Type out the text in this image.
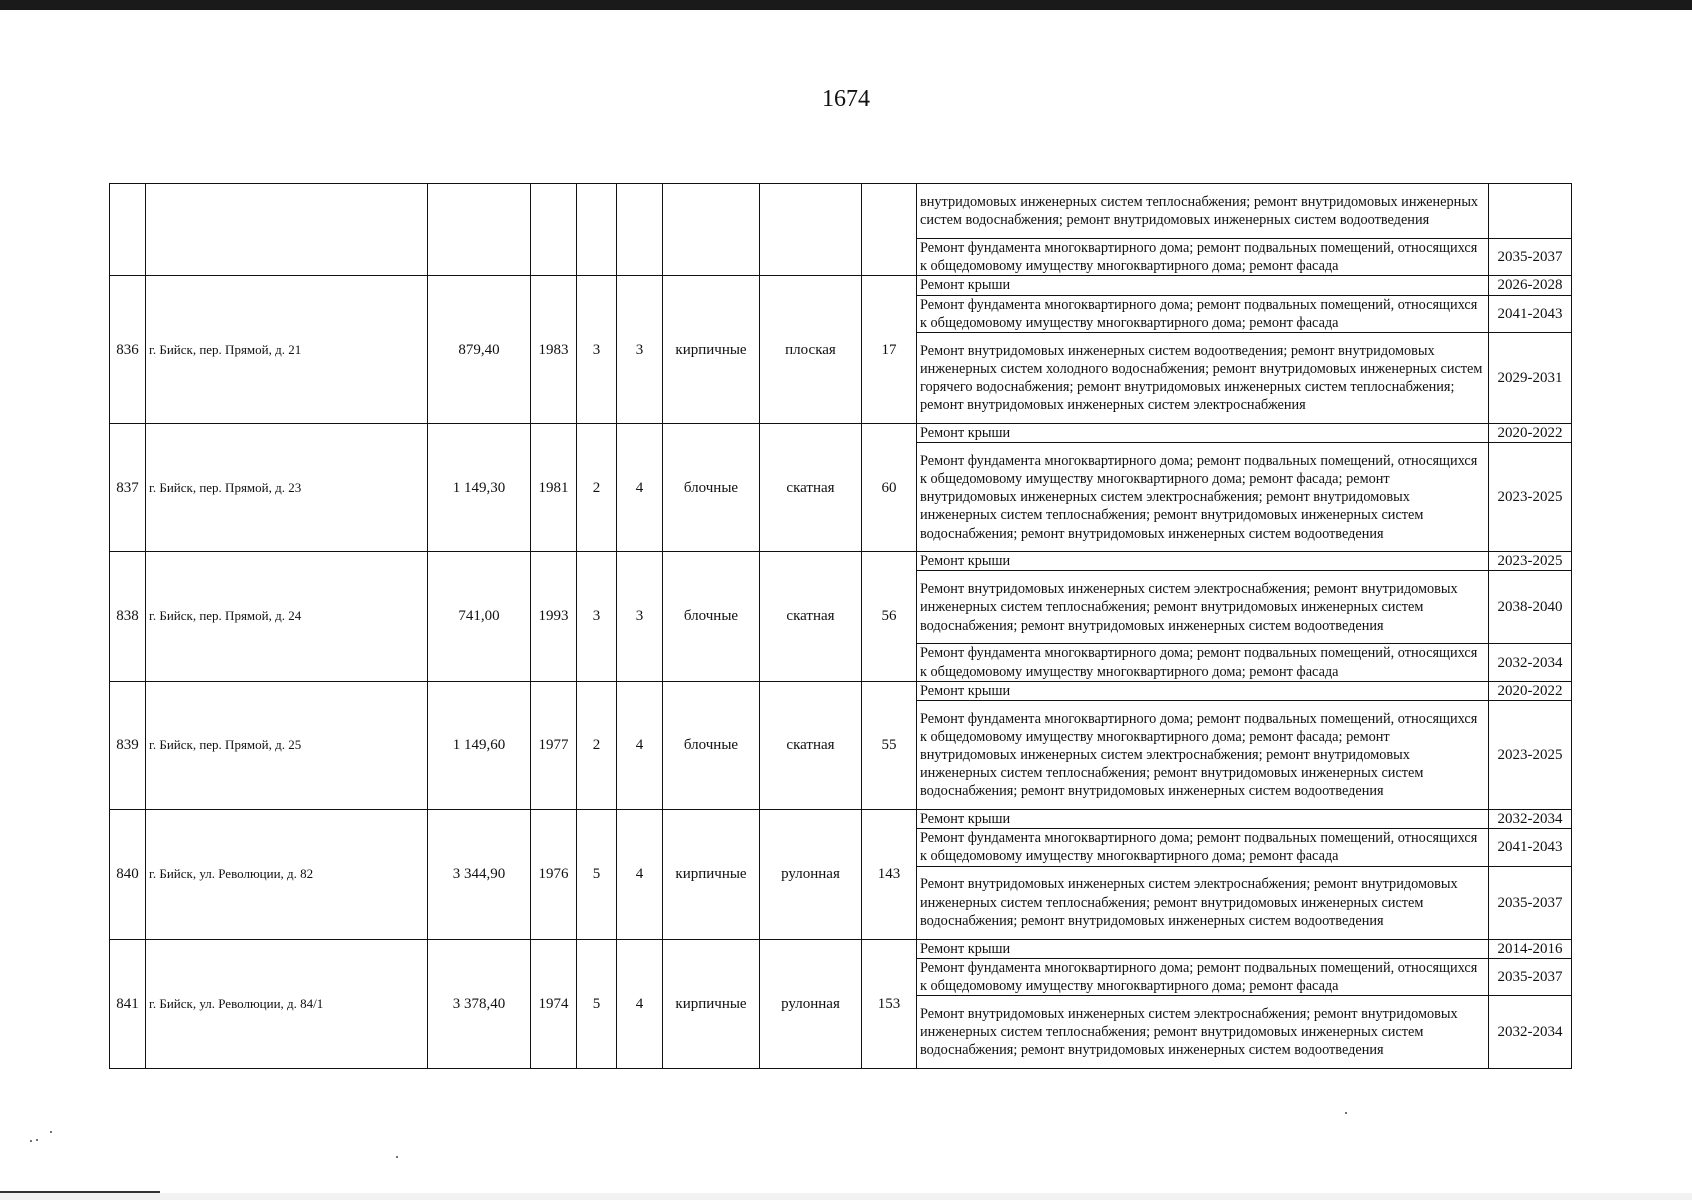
1674
									внутридомовых инженерных систем теплоснабжения; ремонт внутридомовых инженерных систем водоснабжения; ремонт внутридомовых инженерных систем водоотведения	
									Ремонт фундамента многоквартирного дома; ремонт подвальных помещений, относящихся к общедомовому имуществу многоквартирного дома; ремонт фасада	2035-2037
836	г. Бийск, пер. Прямой, д. 21	879,40	1983	3	3	кирпичные	плоская	17	Ремонт крыши	2026-2028
									Ремонт фундамента многоквартирного дома; ремонт подвальных помещений, относящихся к общедомовому имуществу многоквартирного дома; ремонт фасада	2041-2043
									Ремонт внутридомовых инженерных систем водоотведения; ремонт внутридомовых инженерных систем холодного водоснабжения; ремонт внутридомовых инженерных систем горячего водоснабжения; ремонт внутридомовых инженерных систем теплоснабжения; ремонт внутридомовых инженерных систем электроснабжения	2029-2031
837	г. Бийск, пер. Прямой, д. 23	1 149,30	1981	2	4	блочные	скатная	60	Ремонт крыши	2020-2022
									Ремонт фундамента многоквартирного дома; ремонт подвальных помещений, относящихся к общедомовому имуществу многоквартирного дома; ремонт фасада; ремонт внутридомовых инженерных систем электроснабжения; ремонт внутридомовых инженерных систем теплоснабжения; ремонт внутридомовых инженерных систем водоснабжения; ремонт внутридомовых инженерных систем водоотведения	2023-2025
838	г. Бийск, пер. Прямой, д. 24	741,00	1993	3	3	блочные	скатная	56	Ремонт крыши	2023-2025
									Ремонт внутридомовых инженерных систем электроснабжения; ремонт внутридомовых инженерных систем теплоснабжения; ремонт внутридомовых инженерных систем водоснабжения; ремонт внутридомовых инженерных систем водоотведения	2038-2040
									Ремонт фундамента многоквартирного дома; ремонт подвальных помещений, относящихся к общедомовому имуществу многоквартирного дома; ремонт фасада	2032-2034
839	г. Бийск, пер. Прямой, д. 25	1 149,60	1977	2	4	блочные	скатная	55	Ремонт крыши	2020-2022
									Ремонт фундамента многоквартирного дома; ремонт подвальных помещений, относящихся к общедомовому имуществу многоквартирного дома; ремонт фасада; ремонт внутридомовых инженерных систем электроснабжения; ремонт внутридомовых инженерных систем теплоснабжения; ремонт внутридомовых инженерных систем водоснабжения; ремонт внутридомовых инженерных систем водоотведения	2023-2025
840	г. Бийск, ул. Революции, д. 82	3 344,90	1976	5	4	кирпичные	рулонная	143	Ремонт крыши	2032-2034
									Ремонт фундамента многоквартирного дома; ремонт подвальных помещений, относящихся к общедомовому имуществу многоквартирного дома; ремонт фасада	2041-2043
									Ремонт внутридомовых инженерных систем электроснабжения; ремонт внутридомовых инженерных систем теплоснабжения; ремонт внутридомовых инженерных систем водоснабжения; ремонт внутридомовых инженерных систем водоотведения	2035-2037
841	г. Бийск, ул. Революции, д. 84/1	3 378,40	1974	5	4	кирпичные	рулонная	153	Ремонт крыши	2014-2016
									Ремонт фундамента многоквартирного дома; ремонт подвальных помещений, относящихся к общедомовому имуществу многоквартирного дома; ремонт фасада	2035-2037
									Ремонт внутридомовых инженерных систем электроснабжения; ремонт внутридомовых инженерных систем теплоснабжения; ремонт внутридомовых инженерных систем водоснабжения; ремонт внутридомовых инженерных систем водоотведения	2032-2034
